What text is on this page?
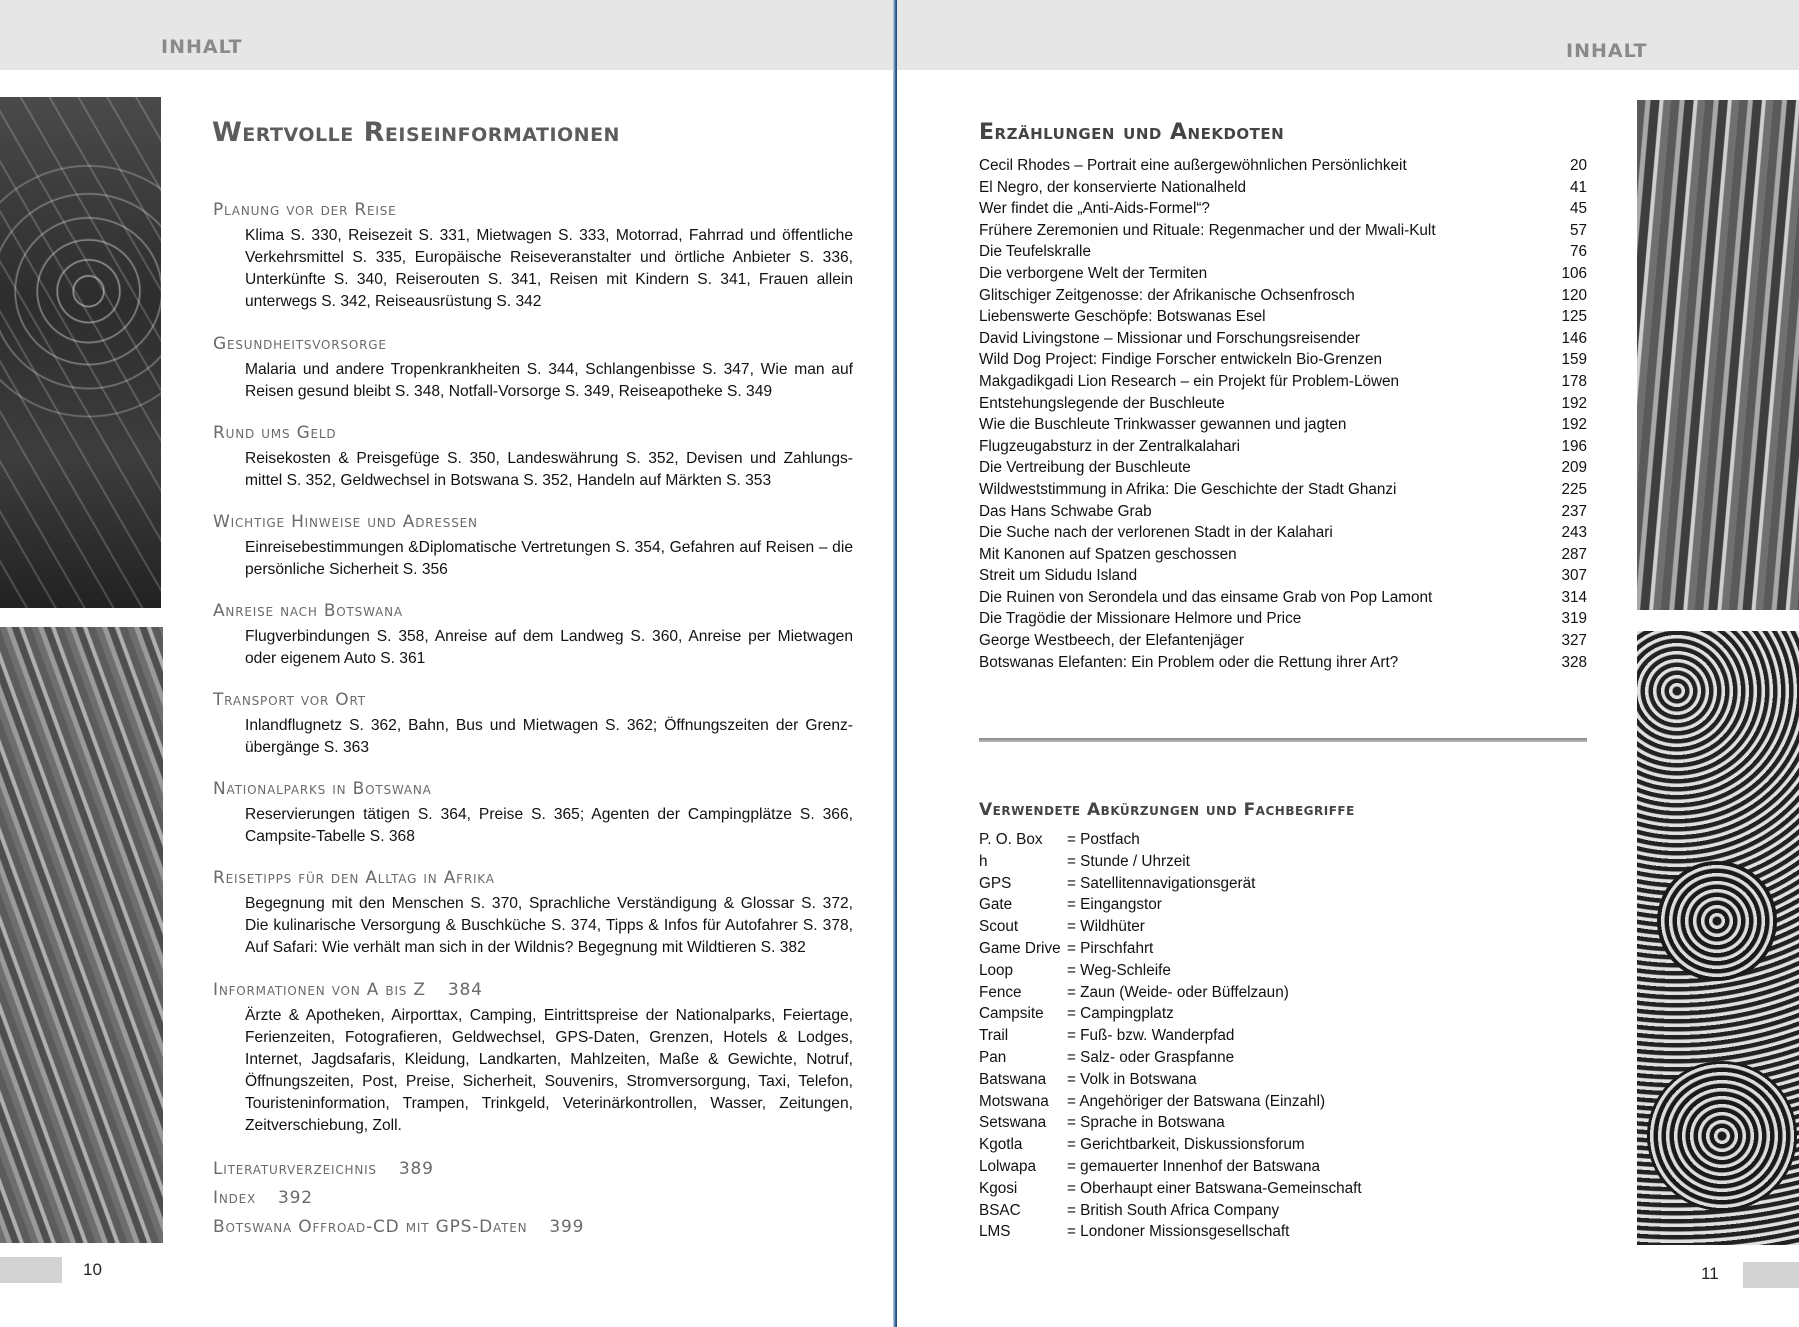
INHALT
Wertvolle Reiseinformationen
Planung vor der Reise
Klima S. 330, Reisezeit S. 331, Mietwagen S. 333, Motorrad, Fahrrad und öffentliche Verkehrsmittel S. 335, Europäische Reiseveranstalter und örtliche Anbieter S. 336, Unterkünfte S. 340, Reiserouten S. 341, Reisen mit Kindern S. 341, Frauen allein unterwegs S. 342, Reiseausrüstung S. 342
Gesundheitsvorsorge
Malaria und andere Tropenkrankheiten S. 344, Schlangenbisse S. 347, Wie man auf Reisen gesund bleibt S. 348, Notfall-Vorsorge S. 349, Reiseapotheke S. 349
Rund ums Geld
Reisekosten & Preisgefüge S. 350, Landeswährung S. 352, Devisen und Zahlungs-mittel S. 352, Geldwechsel in Botswana S. 352, Handeln auf Märkten S. 353
Wichtige Hinweise und Adressen
Einreisebestimmungen &Diplomatische Vertretungen S. 354, Gefahren auf Reisen – die persönliche Sicherheit S. 356
Anreise nach Botswana
Flugverbindungen S. 358, Anreise auf dem Landweg S. 360, Anreise per Mietwagen oder eigenem Auto S. 361
Transport vor Ort
Inlandflugnetz S. 362, Bahn, Bus und Mietwagen S. 362; Öffnungszeiten der Grenz-übergänge S. 363
Nationalparks in Botswana
Reservierungen tätigen S. 364, Preise S. 365; Agenten der Campingplätze S. 366, Campsite-Tabelle S. 368
Reisetipps für den Alltag in Afrika
Begegnung mit den Menschen S. 370, Sprachliche Verständigung & Glossar S. 372, Die kulinarische Versorgung & Buschküche S. 374, Tipps & Infos für Autofahrer S. 378, Auf Safari: Wie verhält man sich in der Wildnis? Begegnung mit Wildtieren S. 382
Informationen von A bis Z 384
Ärzte & Apotheken, Airporttax, Camping, Eintrittspreise der Nationalparks, Feiertage, Ferienzeiten, Fotografieren, Geldwechsel, GPS-Daten, Grenzen, Hotels & Lodges, Internet, Jagdsafaris, Kleidung, Landkarten, Mahlzeiten, Maße & Gewichte, Notruf, Öffnungszeiten, Post, Preise, Sicherheit, Souvenirs, Stromversorgung, Taxi, Telefon, Touristeninformation, Trampen, Trinkgeld, Veterinärkontrollen, Wasser, Zeitungen, Zeitverschiebung, Zoll.
Literaturverzeichnis 389
Index 392
Botswana Offroad-CD mit GPS-Daten 399
10
INHALT
Erzählungen und Anekdoten
Cecil Rhodes – Portrait eine außergewöhnlichen Persönlichkeit	20
El Negro, der konservierte Nationalheld	41
Wer findet die „Anti-Aids-Formel“?	45
Frühere Zeremonien und Rituale: Regenmacher und der Mwali-Kult	57
Die Teufelskralle	76
Die verborgene Welt der Termiten	106
Glitschiger Zeitgenosse: der Afrikanische Ochsenfrosch	120
Liebenswerte Geschöpfe: Botswanas Esel	125
David Livingstone – Missionar und Forschungsreisender	146
Wild Dog Project: Findige Forscher entwickeln Bio-Grenzen	159
Makgadikgadi Lion Research – ein Projekt für Problem-Löwen	178
Entstehungslegende der Buschleute	192
Wie die Buschleute Trinkwasser gewannen und jagten	192
Flugzeugabsturz in der Zentralkalahari	196
Die Vertreibung der Buschleute	209
Wildweststimmung in Afrika: Die Geschichte der Stadt Ghanzi	225
Das Hans Schwabe Grab	237
Die Suche nach der verlorenen Stadt in der Kalahari	243
Mit Kanonen auf Spatzen geschossen	287
Streit um Sidudu Island	307
Die Ruinen von Serondela und das einsame Grab von Pop Lamont	314
Die Tragödie der Missionare Helmore und Price	319
George Westbeech, der Elefantenjäger	327
Botswanas Elefanten: Ein Problem oder die Rettung ihrer Art?	328
Verwendete Abkürzungen und Fachbegriffe
P. O. Box	= Postfach
h	= Stunde / Uhrzeit
GPS	= Satellitennavigationsgerät
Gate	= Eingangstor
Scout	= Wildhüter
Game Drive = Pirschfahrt
Loop	= Weg-Schleife
Fence	= Zaun (Weide- oder Büffelzaun)
Campsite	= Campingplatz
Trail	= Fuß- bzw. Wanderpfad
Pan	= Salz- oder Graspfanne
Batswana	= Volk in Botswana
Motswana	= Angehöriger der Batswana (Einzahl)
Setswana	= Sprache in Botswana
Kgotla	= Gerichtbarkeit, Diskussionsforum
Lolwapa	= gemauerter Innenhof der Batswana
Kgosi	= Oberhaupt einer Batswana-Gemeinschaft
BSAC	= British South Africa Company
LMS	= Londoner Missionsgesellschaft
11
